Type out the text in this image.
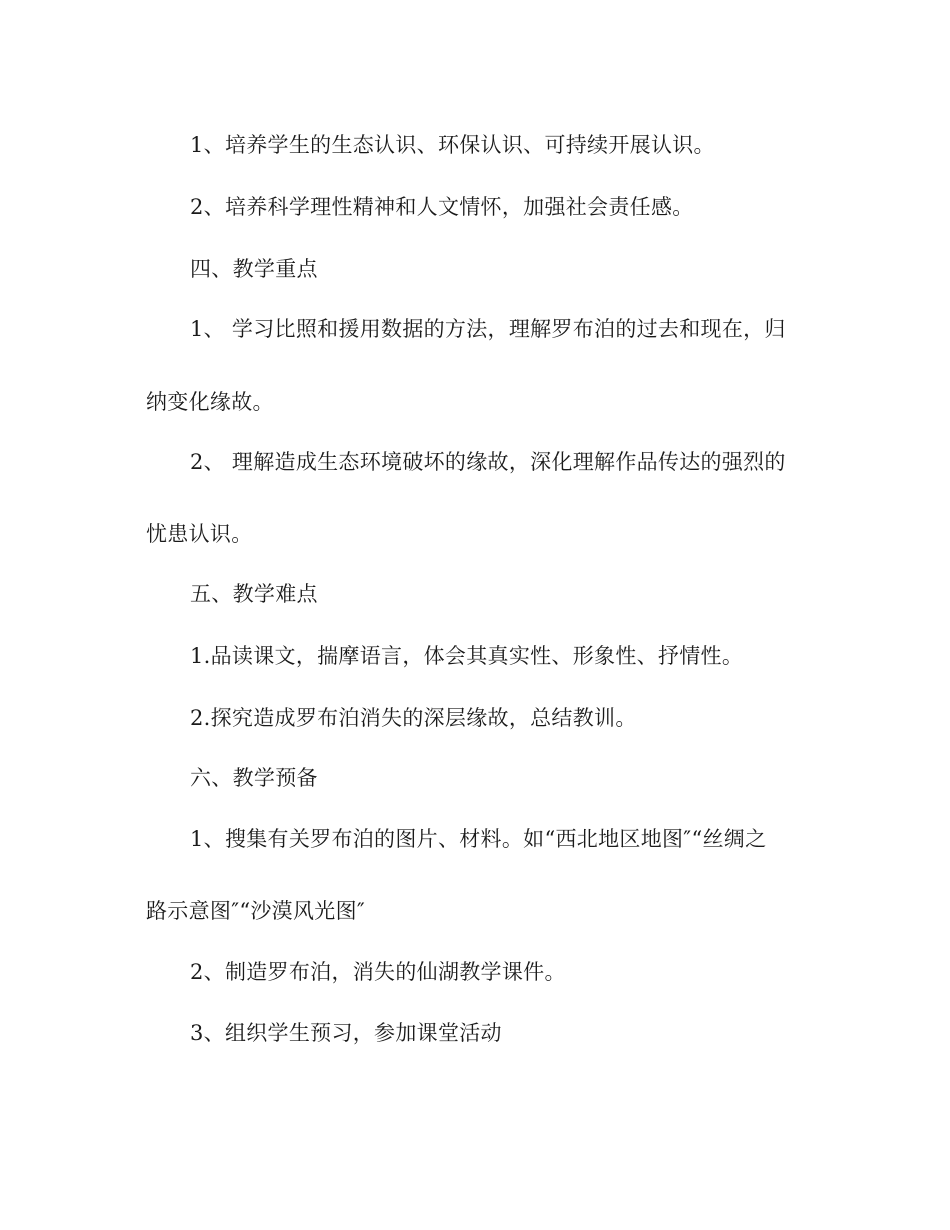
1、培养学生的生态认识、环保认识、可持续开展认识。
2、培养科学理性精神和人文情怀，加强社会责任感。
四、教学重点
1、 学习比照和援用数据的方法，理解罗布泊的过去和现在，归
纳变化缘故。
2、 理解造成生态环境破坏的缘故，深化理解作品传达的强烈的
忧患认识。
五、教学难点
1.品读课文，揣摩语言，体会其真实性、形象性、抒情性。
2.探究造成罗布泊消失的深层缘故，总结教训。
六、教学预备
1、搜集有关罗布泊的图片、材料。如“西北地区地图″“丝绸之
路示意图″“沙漠风光图″
2、制造罗布泊，消失的仙湖教学课件。
3、组织学生预习，参加课堂活动
